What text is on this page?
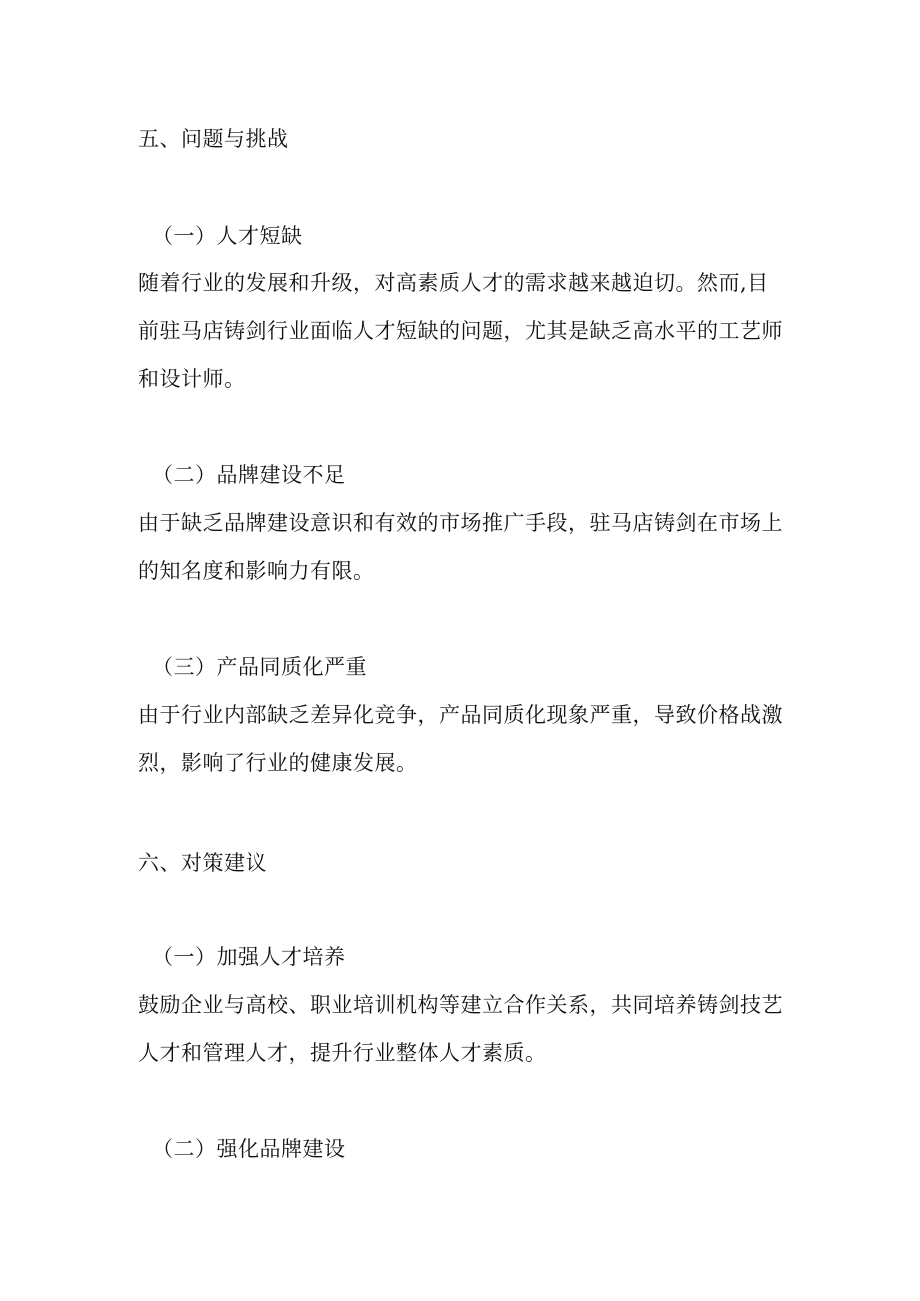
五、问题与挑战
（一）人才短缺
随着行业的发展和升级，对高素质人才的需求越来越迫切。然而,目
前驻马店铸剑行业面临人才短缺的问题，尤其是缺乏高水平的工艺师
和设计师。
（二）品牌建设不足
由于缺乏品牌建设意识和有效的市场推广手段，驻马店铸剑在市场上
的知名度和影响力有限。
（三）产品同质化严重
由于行业内部缺乏差异化竞争，产品同质化现象严重，导致价格战激
烈，影响了行业的健康发展。
六、对策建议
（一）加强人才培养
鼓励企业与高校、职业培训机构等建立合作关系，共同培养铸剑技艺
人才和管理人才，提升行业整体人才素质。
（二）强化品牌建设
